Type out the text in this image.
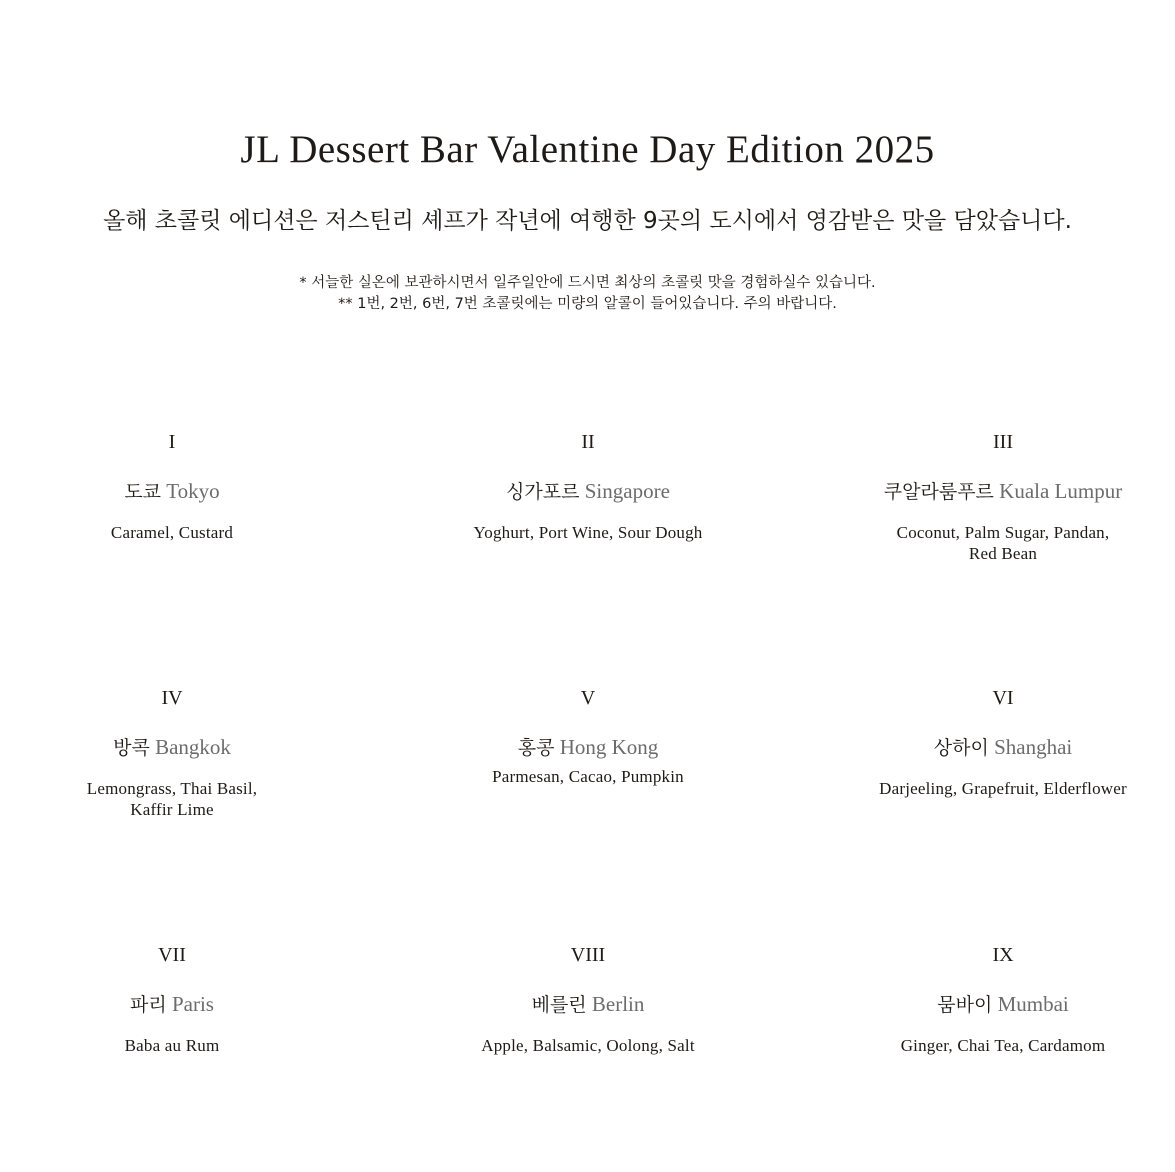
JL Dessert Bar Valentine Day Edition 2025
올해 초콜릿 에디션은 저스틴리 셰프가 작년에 여행한 9곳의 도시에서 영감받은 맛을 담았습니다.
* 서늘한 실온에 보관하시면서 일주일안에 드시면 최상의 초콜릿 맛을 경험하실수 있습니다.
** 1번, 2번, 6번, 7번 초콜릿에는 미량의 알콜이 들어있습니다. 주의 바랍니다.
I
도쿄 Tokyo
Caramel, Custard
II
싱가포르 Singapore
Yoghurt, Port Wine, Sour Dough
III
쿠알라룸푸르 Kuala Lumpur
Coconut, Palm Sugar, Pandan,
Red Bean
IV
방콕 Bangkok
Lemongrass, Thai Basil,
Kaffir Lime
V
홍콩 Hong Kong
Parmesan, Cacao, Pumpkin
VI
상하이 Shanghai
Darjeeling, Grapefruit, Elderflower
VII
파리 Paris
Baba au Rum
VIII
베를린 Berlin
Apple, Balsamic, Oolong, Salt
IX
뭄바이 Mumbai
Ginger, Chai Tea, Cardamom
